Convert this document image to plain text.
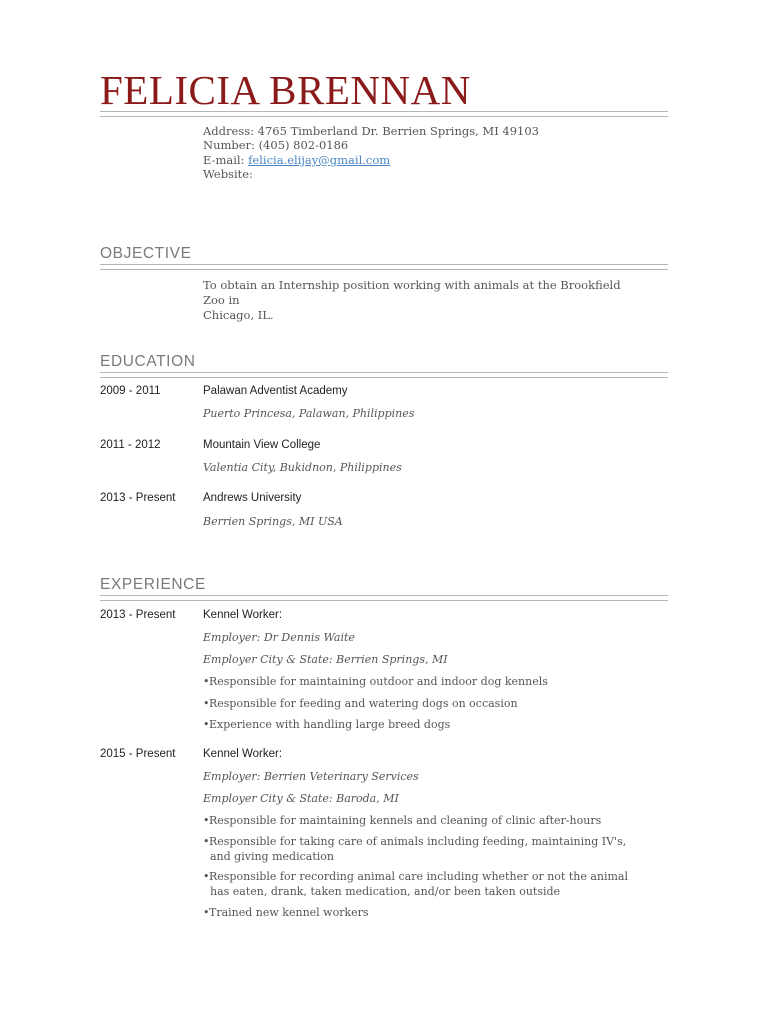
FELICIA BRENNAN
Address: 4765 Timberland Dr. Berrien Springs, MI 49103
Number: (405) 802-0186
E-mail: felicia.elijay@gmail.com
Website:
OBJECTIVE
To obtain an Internship position working with animals at the Brookfield Zoo in
Chicago, IL.
EDUCATION
2009 - 2011	Palawan Adventist Academy
Puerto Princesa, Palawan, Philippines
2011 - 2012	Mountain View College
Valentia City, Bukidnon, Philippines
2013 - Present Andrews University
Berrien Springs, MI USA
EXPERIENCE
2013 - Present Kennel Worker:
Employer: Dr Dennis Waite
Employer City & State: Berrien Springs, MI
•Responsible for maintaining outdoor and indoor dog kennels
•Responsible for feeding and watering dogs on occasion
•Experience with handling large breed dogs
2015 - Present Kennel Worker:
Employer: Berrien Veterinary Services
Employer City & State: Baroda, MI
•Responsible for maintaining kennels and cleaning of clinic after-hours
•Responsible for taking care of animals including feeding, maintaining IV's,
and giving medication
•Responsible for recording animal care including whether or not the animal
has eaten, drank, taken medication, and/or been taken outside
•Trained new kennel workers
